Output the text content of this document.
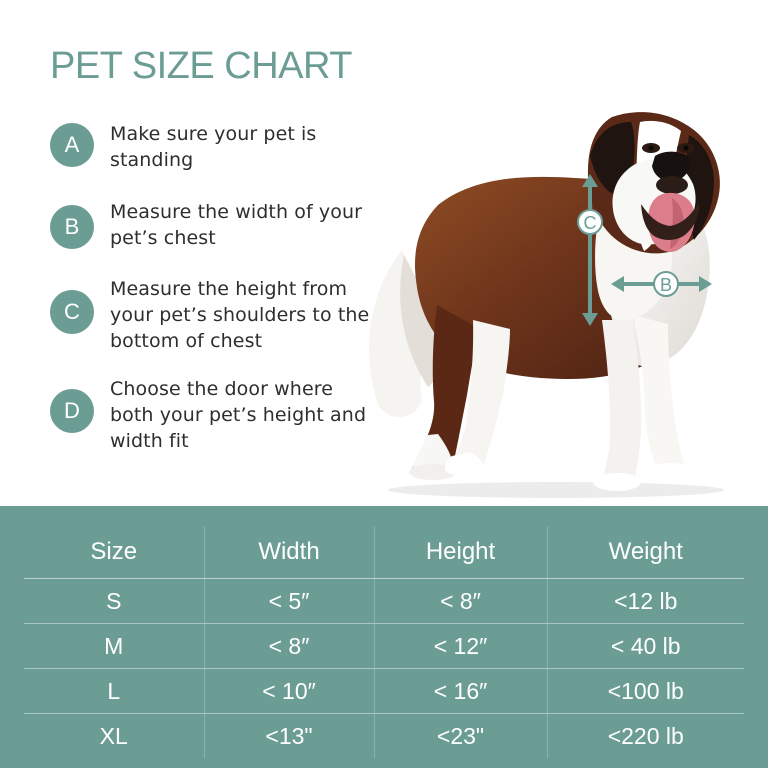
PET SIZE CHART
A	Make sure your pet is standing
B
Measure the width of your pet’s chest
C
Measure the height from your pet’s shoulders to the bottom of chest
D
Choose the door where both your pet’s height and width fit
C
B
Size	Width	Height	Weight
S	< 5″	< 8″	<12 lb
M	< 8″	< 12″	< 40 lb
L	< 10″	< 16″	<100 lb
XL	<13"	<23"	<220 lb
